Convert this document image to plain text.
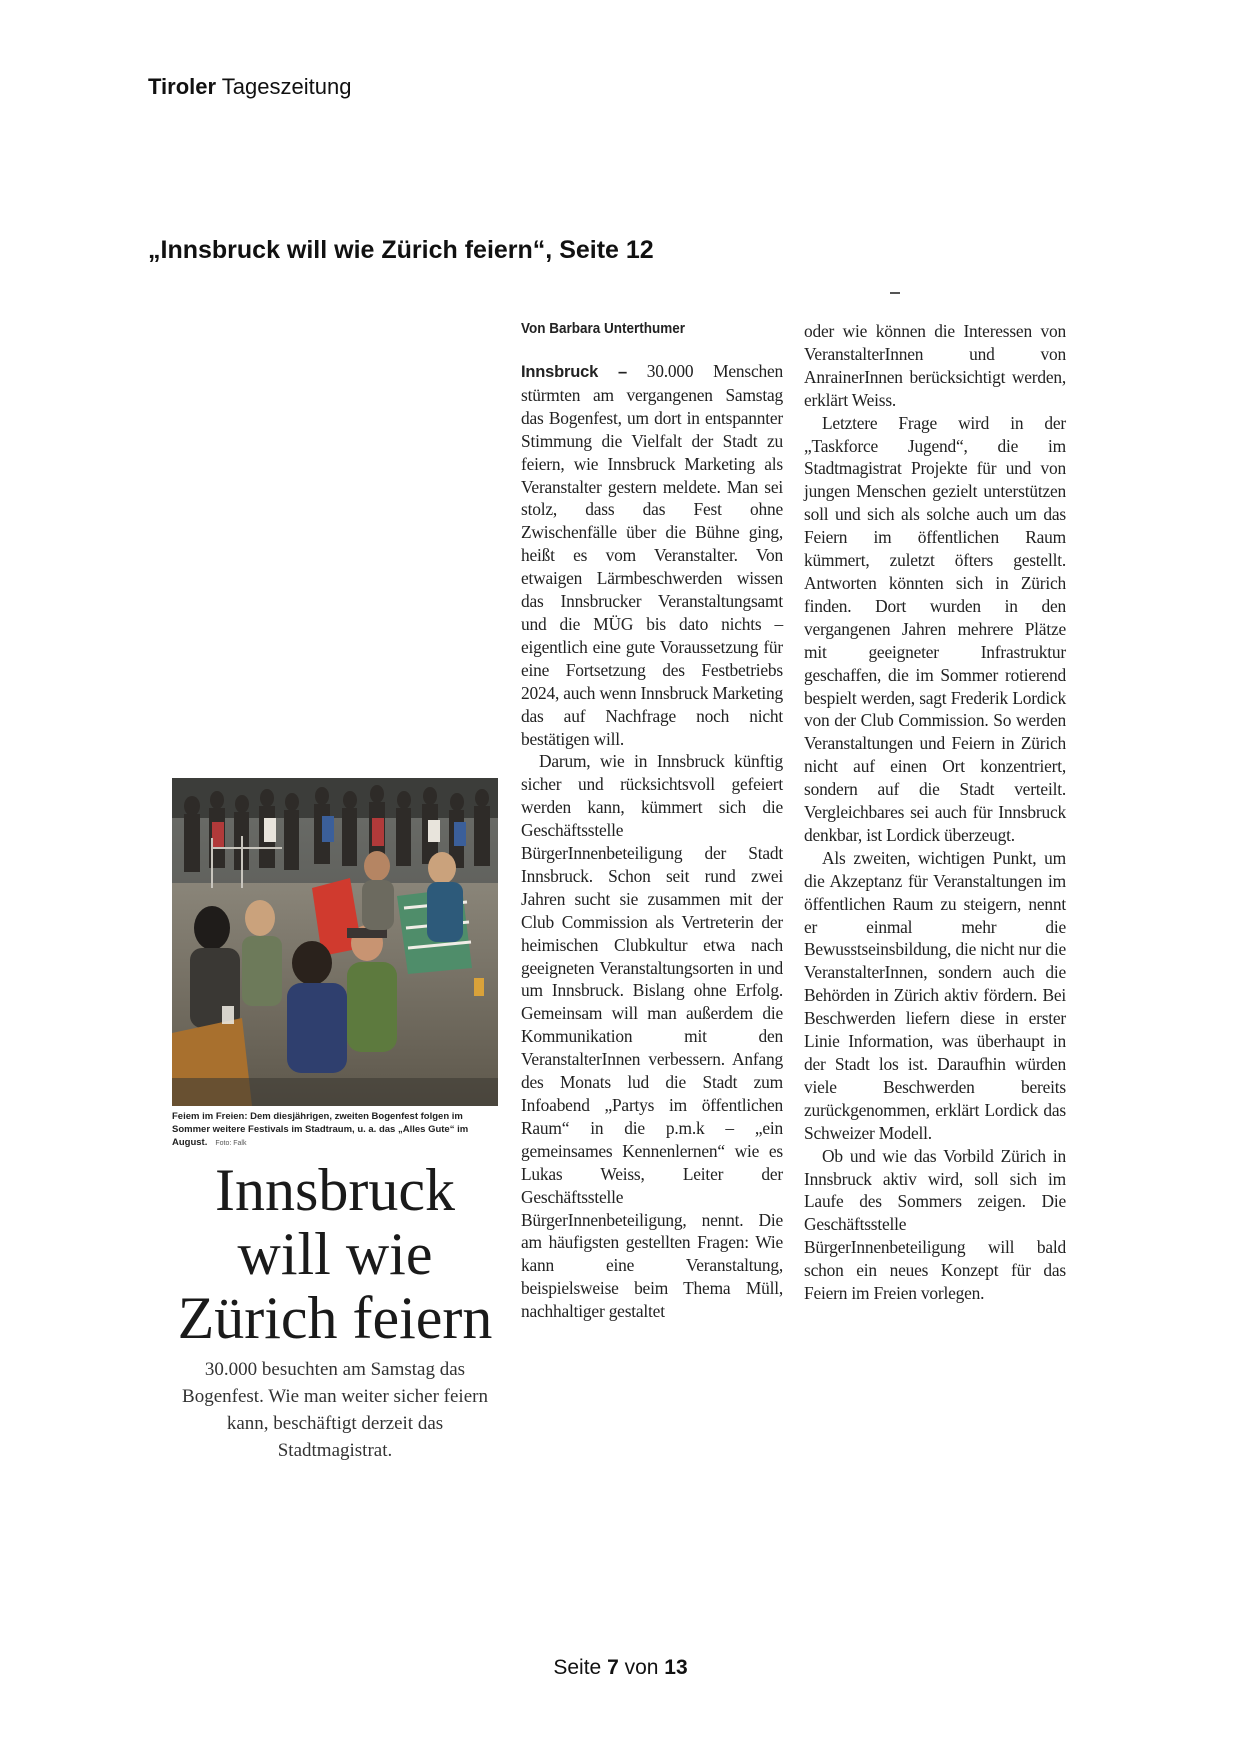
Tiroler Tageszeitung
„Innsbruck will wie Zürich feiern“, Seite 12
Feiem im Freien: Dem diesjährigen, zweiten Bogenfest folgen im Sommer weitere Festivals im Stadtraum, u. a. das „Alles Gute“ im August. Foto: Falk
Innsbruck
will wie
Zürich feiern
30.000 besuchten am Samstag das Bogenfest. Wie man weiter sicher feiern kann, beschäftigt derzeit das Stadtmagistrat.
Von Barbara Unterthumer

Innsbruck – 30.000 Menschen stürmten am vergangenen Samstag das Bogenfest, um dort in entspannter Stimmung die Vielfalt der Stadt zu feiern, wie Innsbruck Marketing als Veranstalter gestern meldete. Man sei stolz, dass das Fest ohne Zwischenfälle über die Bühne ging, heißt es vom Veranstalter. Von etwaigen Lärmbeschwerden wissen das Innsbrucker Veranstaltungsamt und die MÜG bis dato nichts – eigentlich eine gute Voraussetzung für eine Fortsetzung des Festbetriebs 2024, auch wenn Innsbruck Marketing das auf Nachfrage noch nicht bestätigen will.

Darum, wie in Innsbruck künftig sicher und rücksichtsvoll gefeiert werden kann, kümmert sich die Geschäftsstelle BürgerInnenbeteiligung der Stadt Innsbruck. Schon seit rund zwei Jahren sucht sie zusammen mit der Club Commission als Vertreterin der heimischen Clubkultur etwa nach geeigneten Veranstaltungsorten in und um Innsbruck. Bislang ohne Erfolg. Gemeinsam will man außerdem die Kommunikation mit den VeranstalterInnen verbessern. Anfang des Monats lud die Stadt zum Infoabend „Partys im öffentlichen Raum“ in die p.m.k – „ein gemeinsames Kennenlernen“ wie es Lukas Weiss, Leiter der Geschäftsstelle BürgerInnenbeteiligung, nennt. Die am häufigsten gestellten Fragen: Wie kann eine Veranstaltung, beispielsweise beim Thema Müll, nachhaltiger gestaltet

oder wie können die Interessen von VeranstalterInnen und von AnrainerInnen berücksichtigt werden, erklärt Weiss.

Letztere Frage wird in der „Taskforce Jugend“, die im Stadtmagistrat Projekte für und von jungen Menschen gezielt unterstützen soll und sich als solche auch um das Feiern im öffentlichen Raum kümmert, zuletzt öfters gestellt. Antworten könnten sich in Zürich finden. Dort wurden in den vergangenen Jahren mehrere Plätze mit geeigneter Infrastruktur geschaffen, die im Sommer rotierend bespielt werden, sagt Frederik Lordick von der Club Commission. So werden Veranstaltungen und Feiern in Zürich nicht auf einen Ort konzentriert, sondern auf die Stadt verteilt. Vergleichbares sei auch für Innsbruck denkbar, ist Lordick überzeugt.

Als zweiten, wichtigen Punkt, um die Akzeptanz für Veranstaltungen im öffentlichen Raum zu steigern, nennt er einmal mehr die Bewusstseinsbildung, die nicht nur die VeranstalterInnen, sondern auch die Behörden in Zürich aktiv fördern. Bei Beschwerden liefern diese in erster Linie Information, was überhaupt in der Stadt los ist. Daraufhin würden viele Beschwerden bereits zurückgenommen, erklärt Lordick das Schweizer Modell.

Ob und wie das Vorbild Zürich in Innsbruck aktiv wird, soll sich im Laufe des Sommers zeigen. Die Geschäftsstelle BürgerInnenbeteiligung will bald schon ein neues Konzept für das Feiern im Freien vorlegen.

Seite 7 von 13
